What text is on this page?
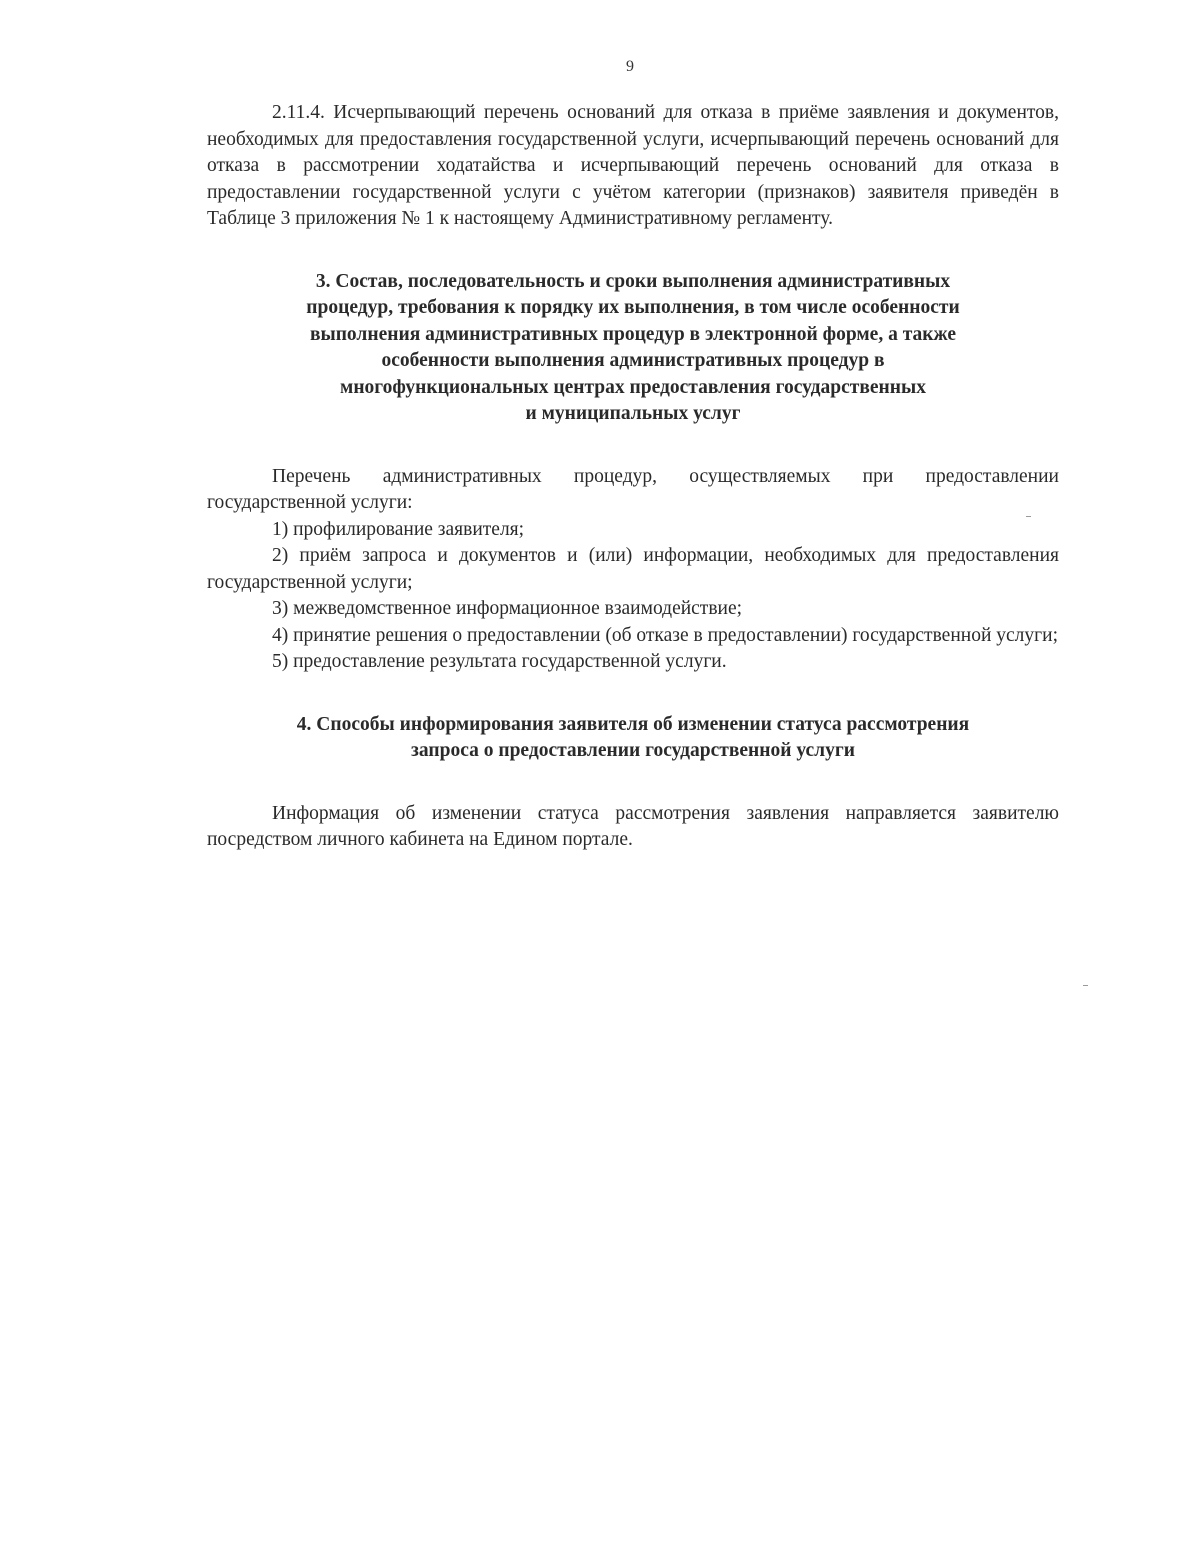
9

2.11.4. Исчерпывающий перечень оснований для отказа в приёме заявления и документов, необходимых для предоставления государственной услуги, исчерпывающий перечень оснований для отказа в рассмотрении ходатайства и исчерпывающий перечень оснований для отказа в предоставлении государственной услуги с учётом категории (признаков) заявителя приведён в Таблице 3 приложения № 1 к настоящему Административному регламенту.

3. Состав, последовательность и сроки выполнения административных
процедур, требования к порядку их выполнения, в том числе особенности
выполнения административных процедур в электронной форме, а также
особенности выполнения административных процедур в
многофункциональных центрах предоставления государственных
и муниципальных услуг

Перечень административных процедур, осуществляемых при предоставлении государственной услуги:

1) профилирование заявителя;

2) приём запроса и документов и (или) информации, необходимых для предоставления государственной услуги;

3) межведомственное информационное взаимодействие;

4) принятие решения о предоставлении (об отказе в предоставлении) государственной услуги;

5) предоставление результата государственной услуги.

4. Способы информирования заявителя об изменении статуса рассмотрения
запроса о предоставлении государственной услуги

Информация об изменении статуса рассмотрения заявления направляется заявителю посредством личного кабинета на Едином портале.
